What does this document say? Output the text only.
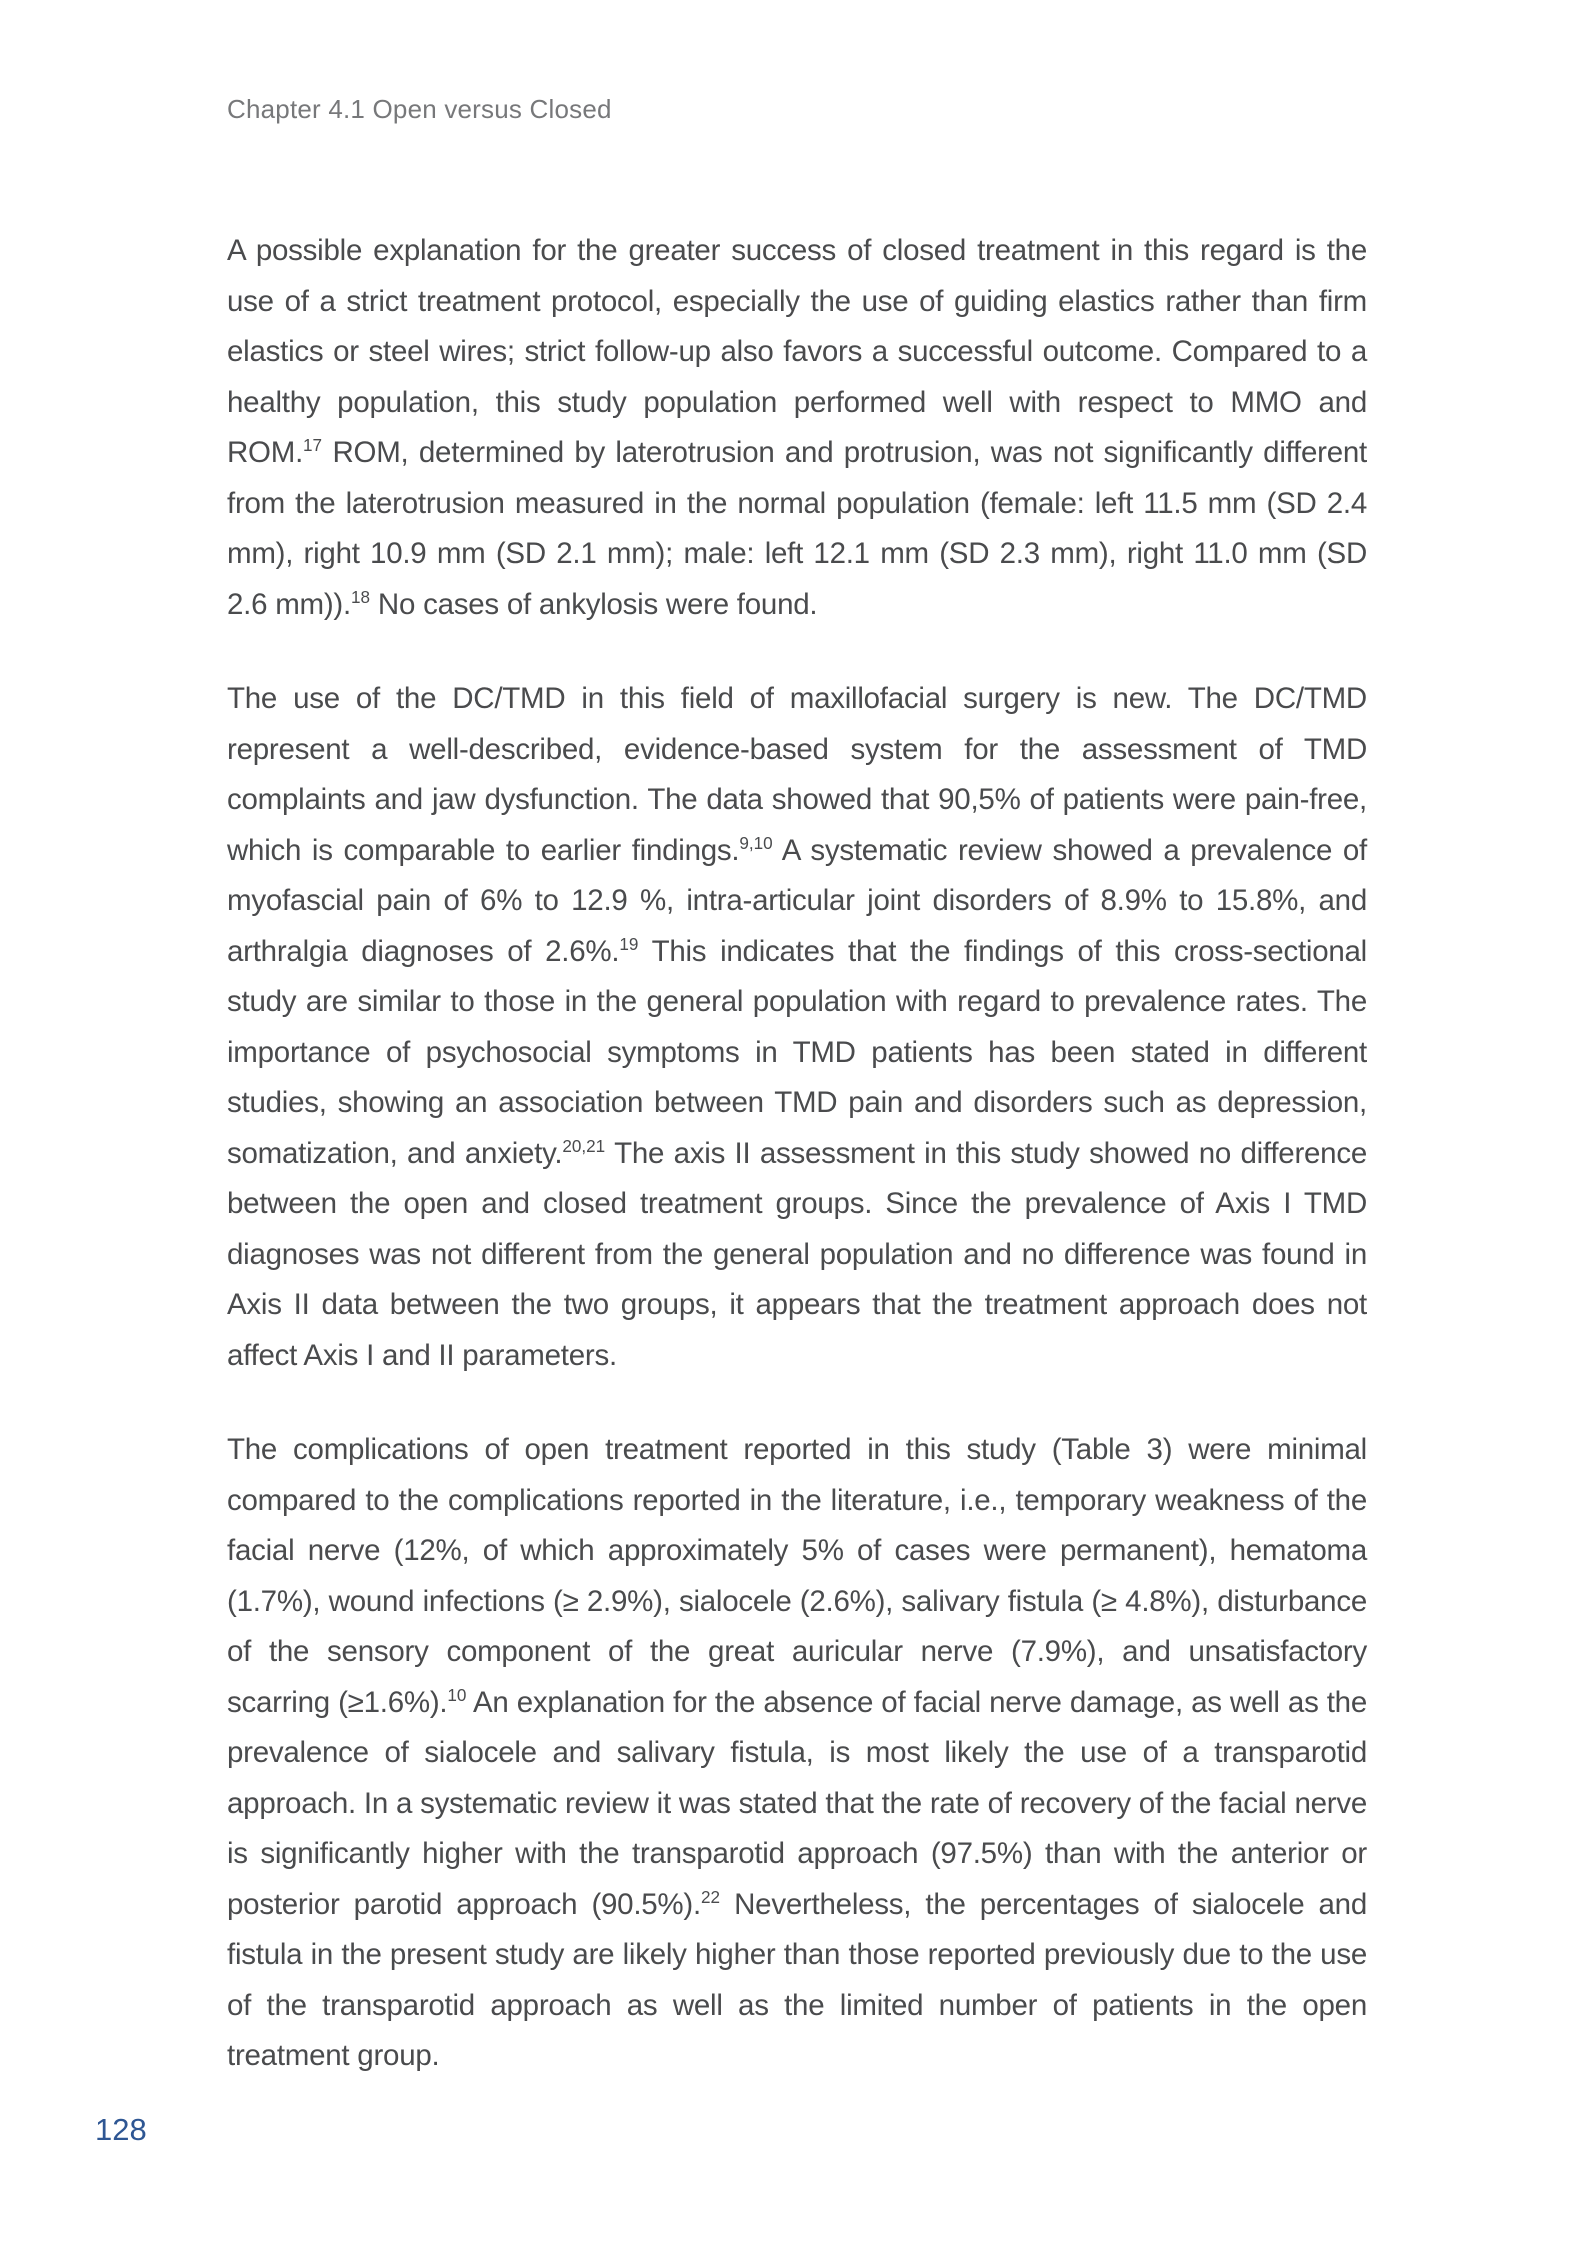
Chapter 4.1 Open versus Closed

A possible explanation for the greater success of closed treatment in this regard is the use of a strict treatment protocol, especially the use of guiding elastics rather than firm elastics or steel wires; strict follow-up also favors a successful outcome. Compared to a healthy population, this study population performed well with respect to MMO and ROM.$^{17}$ ROM, determined by laterotrusion and protrusion, was not significantly different from the laterotrusion measured in the normal population (female: left 11.5 mm (SD 2.4 mm), right 10.9 mm (SD 2.1 mm); male: left 12.1 mm (SD 2.3 mm), right 11.0 mm (SD 2.6 mm)).$^{18}$ No cases of ankylosis were found.

The use of the DC/TMD in this field of maxillofacial surgery is new. The DC/TMD represent a well-described, evidence-based system for the assessment of TMD complaints and jaw dysfunction. The data showed that 90,5% of patients were pain-free, which is comparable to earlier findings.$^{9,10}$ A systematic review showed a prevalence of myofascial pain of 6% to 12.9 %, intra-articular joint disorders of 8.9% to 15.8%, and arthralgia diagnoses of 2.6%.$^{19}$ This indicates that the findings of this cross-sectional study are similar to those in the general population with regard to prevalence rates. The importance of psychosocial symptoms in TMD patients has been stated in different studies, showing an association between TMD pain and disorders such as depression, somatization, and anxiety.$^{20,21}$ The axis II assessment in this study showed no difference between the open and closed treatment groups. Since the prevalence of Axis I TMD diagnoses was not different from the general population and no difference was found in Axis II data between the two groups, it appears that the treatment approach does not affect Axis I and II parameters.

The complications of open treatment reported in this study (Table 3) were minimal compared to the complications reported in the literature, i.e., temporary weakness of the facial nerve (12%, of which approximately 5% of cases were permanent), hematoma (1.7%), wound infections (≥ 2.9%), sialocele (2.6%), salivary fistula (≥ 4.8%), disturbance of the sensory component of the great auricular nerve (7.9%), and unsatisfactory scarring (≥1.6%).$^{10}$ An explanation for the absence of facial nerve damage, as well as the prevalence of sialocele and salivary fistula, is most likely the use of a transparotid approach. In a systematic review it was stated that the rate of recovery of the facial nerve is significantly higher with the transparotid approach (97.5%) than with the anterior or posterior parotid approach (90.5%).$^{22}$ Nevertheless, the percentages of sialocele and fistula in the present study are likely higher than those reported previously due to the use of the transparotid approach as well as the limited number of patients in the open treatment group.

128
